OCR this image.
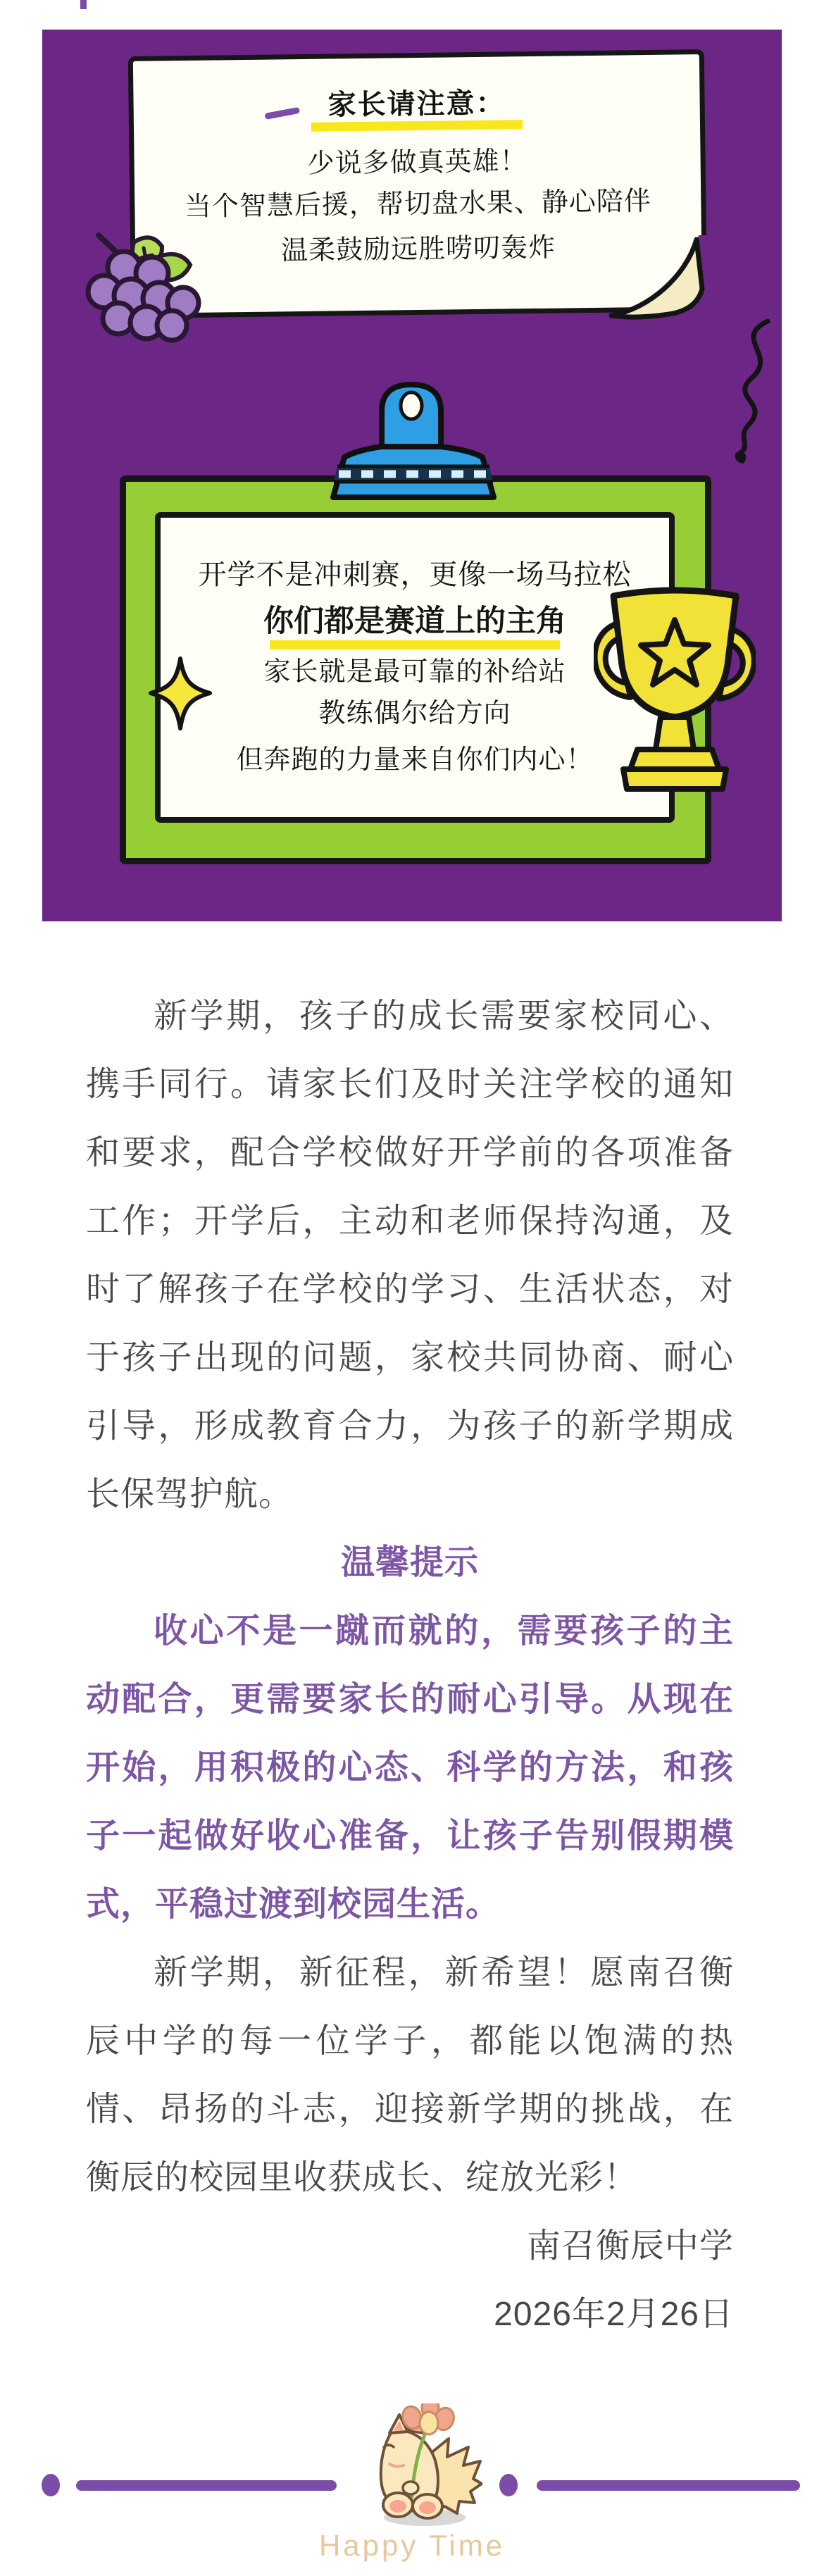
家长请注意：
少说多做真英雄！
当个智慧后援，帮切盘水果、静心陪伴
温柔鼓励远胜唠叨轰炸
开学不是冲刺赛，更像一场马拉松
你们都是赛道上的主角
家长就是最可靠的补给站
教练偶尔给方向
但奔跑的力量来自你们内心！
新学期，孩子的成长需要家校同心、
携手同行。请家长们及时关注学校的通知
和要求，配合学校做好开学前的各项准备
工作；开学后，主动和老师保持沟通，及
时了解孩子在学校的学习、生活状态，对
于孩子出现的问题，家校共同协商、耐心
引导，形成教育合力，为孩子的新学期成
长保驾护航。
温馨提示
收心不是一蹴而就的，需要孩子的主
动配合，更需要家长的耐心引导。从现在
开始，用积极的心态、科学的方法，和孩
子一起做好收心准备，让孩子告别假期模
式，平稳过渡到校园生活。
新学期，新征程，新希望！愿南召衡
辰中学的每一位学子，都能以饱满的热
情、昂扬的斗志，迎接新学期的挑战，在
衡辰的校园里收获成长、绽放光彩！
南召衡辰中学
2026年2月26日
Happy Time
